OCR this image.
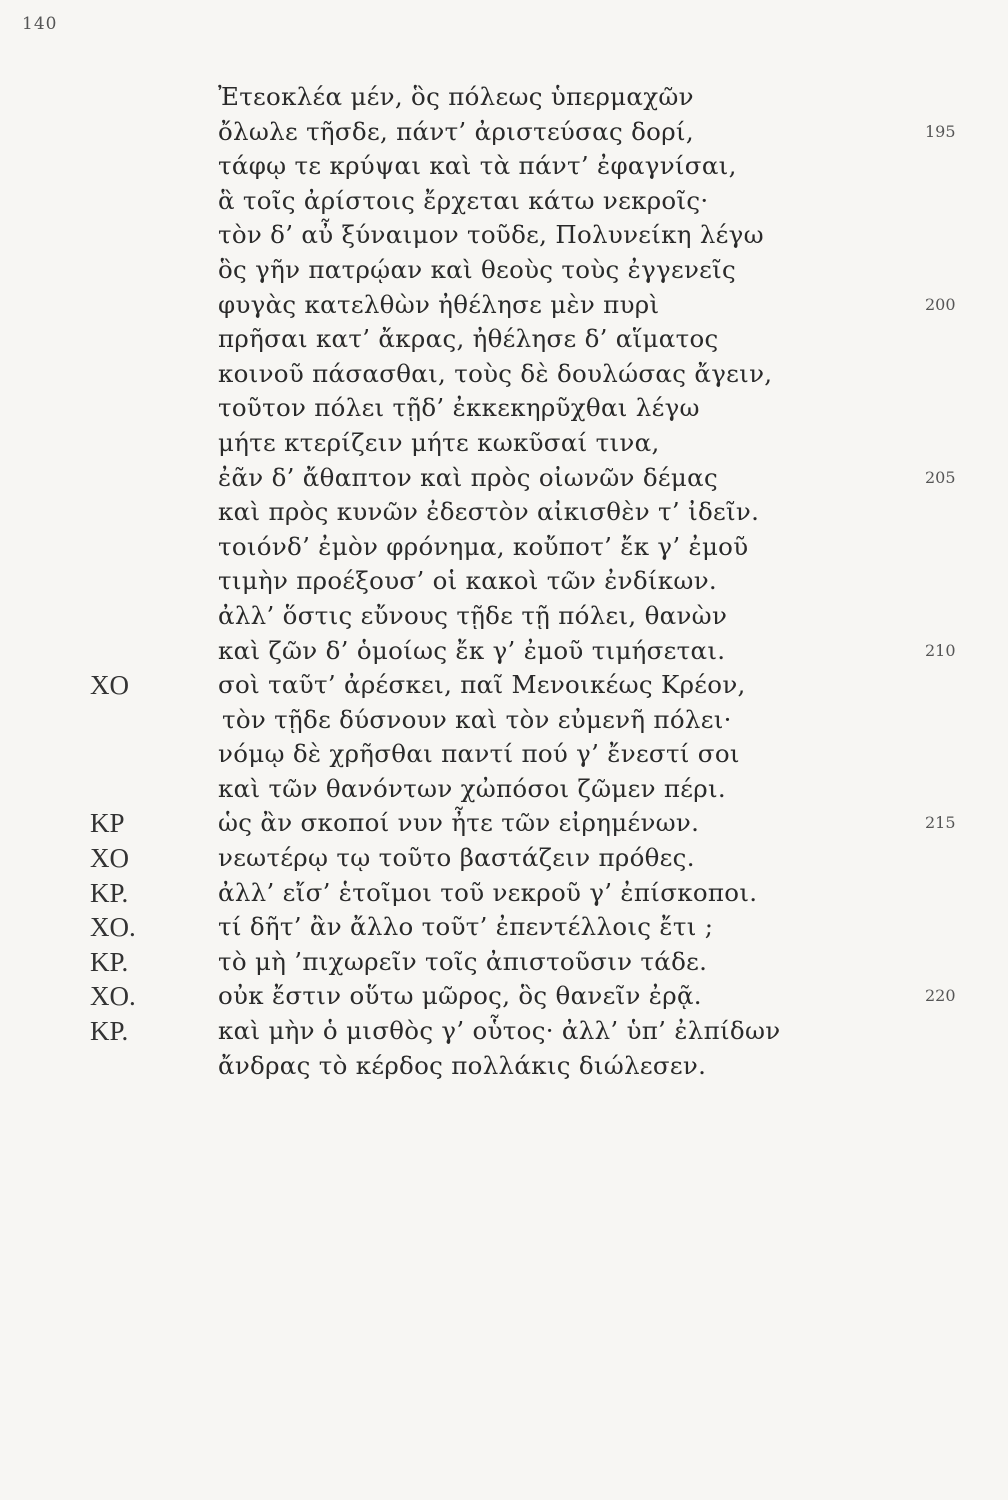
140
Ἐτεοκλέα μέν, ὃς πόλεως ὑπερμαχῶν
ὄλωλε τῆσδε, πάντ’ ἀριστεύσας δορί,	195
τάφῳ τε κρύψαι καὶ τὰ πάντ’ ἐφαγνίσαι,
ἃ τοῖς ἀρίστοις ἔρχεται κάτω νεκροῖς·
τὸν δ’ αὖ ξύναιμον τοῦδε, Πολυνείκη λέγω
ὃς γῆν πατρῴαν καὶ θεοὺς τοὺς ἐγγενεῖς
φυγὰς κατελθὼν ἠθέλησε μὲν πυρὶ	200
πρῆσαι κατ’ ἄκρας, ἠθέλησε δ’ αἵματος
κοινοῦ πάσασθαι, τοὺς δὲ δουλώσας ἄγειν,
τοῦτον πόλει τῇδ’ ἐκκεκηρῦχθαι λέγω
μήτε κτερίζειν μήτε κωκῦσαί τινα,
ἐᾶν δ’ ἄθαπτον καὶ πρὸς οἰωνῶν δέμας	205
καὶ πρὸς κυνῶν ἐδεστὸν αἰκισθὲν τ’ ἰδεῖν.
τοιόνδ’ ἐμὸν φρόνημα, κοὔποτ’ ἔκ γ’ ἐμοῦ
τιμὴν προέξουσ’ οἱ κακοὶ τῶν ἐνδίκων.
ἀλλ’ ὅστις εὔνους τῇδε τῇ πόλει, θανὼν
καὶ ζῶν δ’ ὁμοίως ἔκ γ’ ἐμοῦ τιμήσεται.	210
ΧΟ	σοὶ ταῦτ’ ἀρέσκει, παῖ Μενοικέως Κρέον,
τὸν τῇδε δύσνουν καὶ τὸν εὐμενῆ πόλει·
νόμῳ δὲ χρῆσθαι παντί πού γ’ ἔνεστί σοι
καὶ τῶν θανόντων χὠπόσοι ζῶμεν πέρι.
ΚΡ	ὡς ἂν σκοποί νυν ἦτε τῶν εἰρημένων.	215
ΧΟ	νεωτέρῳ τῳ τοῦτο βαστάζειν πρόθες.
ΚΡ.	ἀλλ’ εἴσ’ ἑτοῖμοι τοῦ νεκροῦ γ’ ἐπίσκοποι.
ΧΟ.	τί δῆτ’ ἂν ἄλλο τοῦτ’ ἐπεντέλλοις ἔτι ;
ΚΡ.	τὸ μὴ ’πιχωρεῖν τοῖς ἀπιστοῦσιν τάδε.
ΧΟ.	οὐκ ἔστιν οὕτω μῶρος, ὃς θανεῖν ἐρᾷ.	220
ΚΡ.	καὶ μὴν ὁ μισθὸς γ’ οὗτος· ἀλλ’ ὑπ’ ἐλπίδων
ἄνδρας τὸ κέρδος πολλάκις διώλεσεν.
